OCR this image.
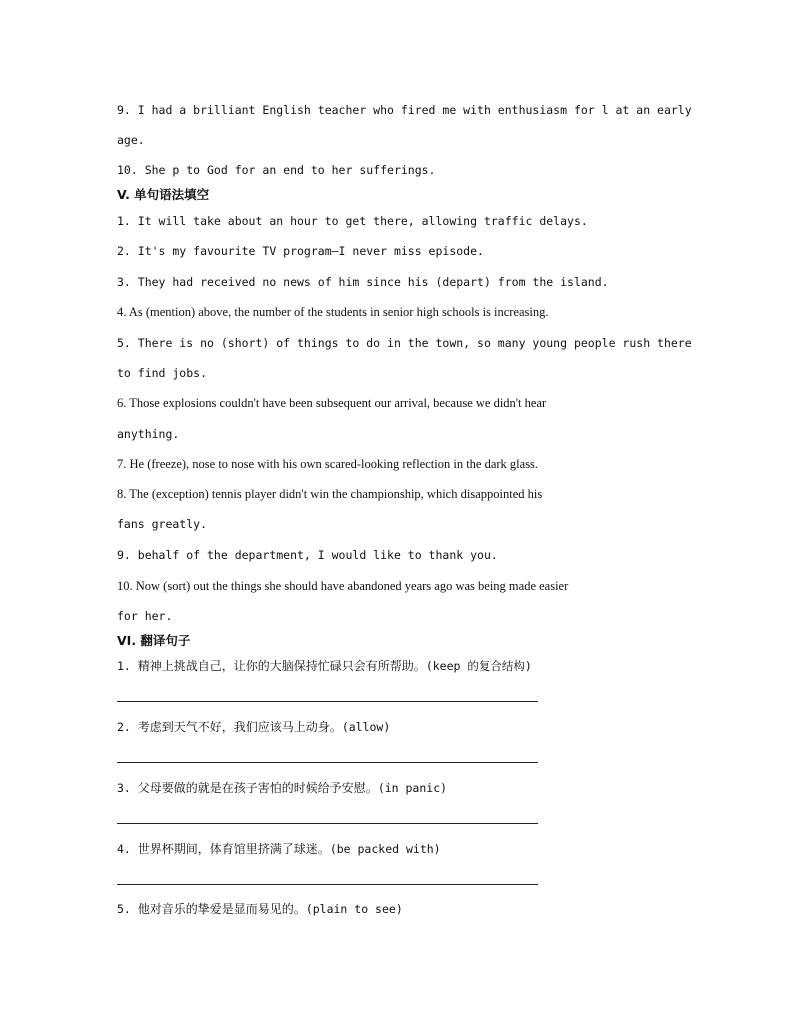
9. I had a brilliant English teacher who fired me with enthusiasm for l at an early
age.
10. She p to God for an end to her sufferings.
V. 单句语法填空
1. It will take about an hour to get there, allowing traffic delays.
2. It's my favourite TV program—I never miss episode.
3. They had received no news of him since his (depart) from the island.
4. As (mention) above, the number of the students in senior high schools is increasing.
5. There is no (short) of things to do in the town, so many young people rush there
to find jobs.
6. Those explosions couldn't have been subsequent our arrival, because we didn't hear
anything.
7. He (freeze), nose to nose with his own scared-looking reflection in the dark glass.
8. The (exception) tennis player didn't win the championship, which disappointed his
fans greatly.
9. behalf of the department, I would like to thank you.
10. Now (sort) out the things she should have abandoned years ago was being made easier
for her.
VI. 翻译句子
1. 精神上挑战自己，让你的大脑保持忙碌只会有所帮助。(keep 的复合结构)
2. 考虑到天气不好，我们应该马上动身。(allow)
3. 父母要做的就是在孩子害怕的时候给予安慰。(in panic)
4. 世界杯期间，体育馆里挤满了球迷。(be packed with)
5. 他对音乐的挚爱是显而易见的。(plain to see)
